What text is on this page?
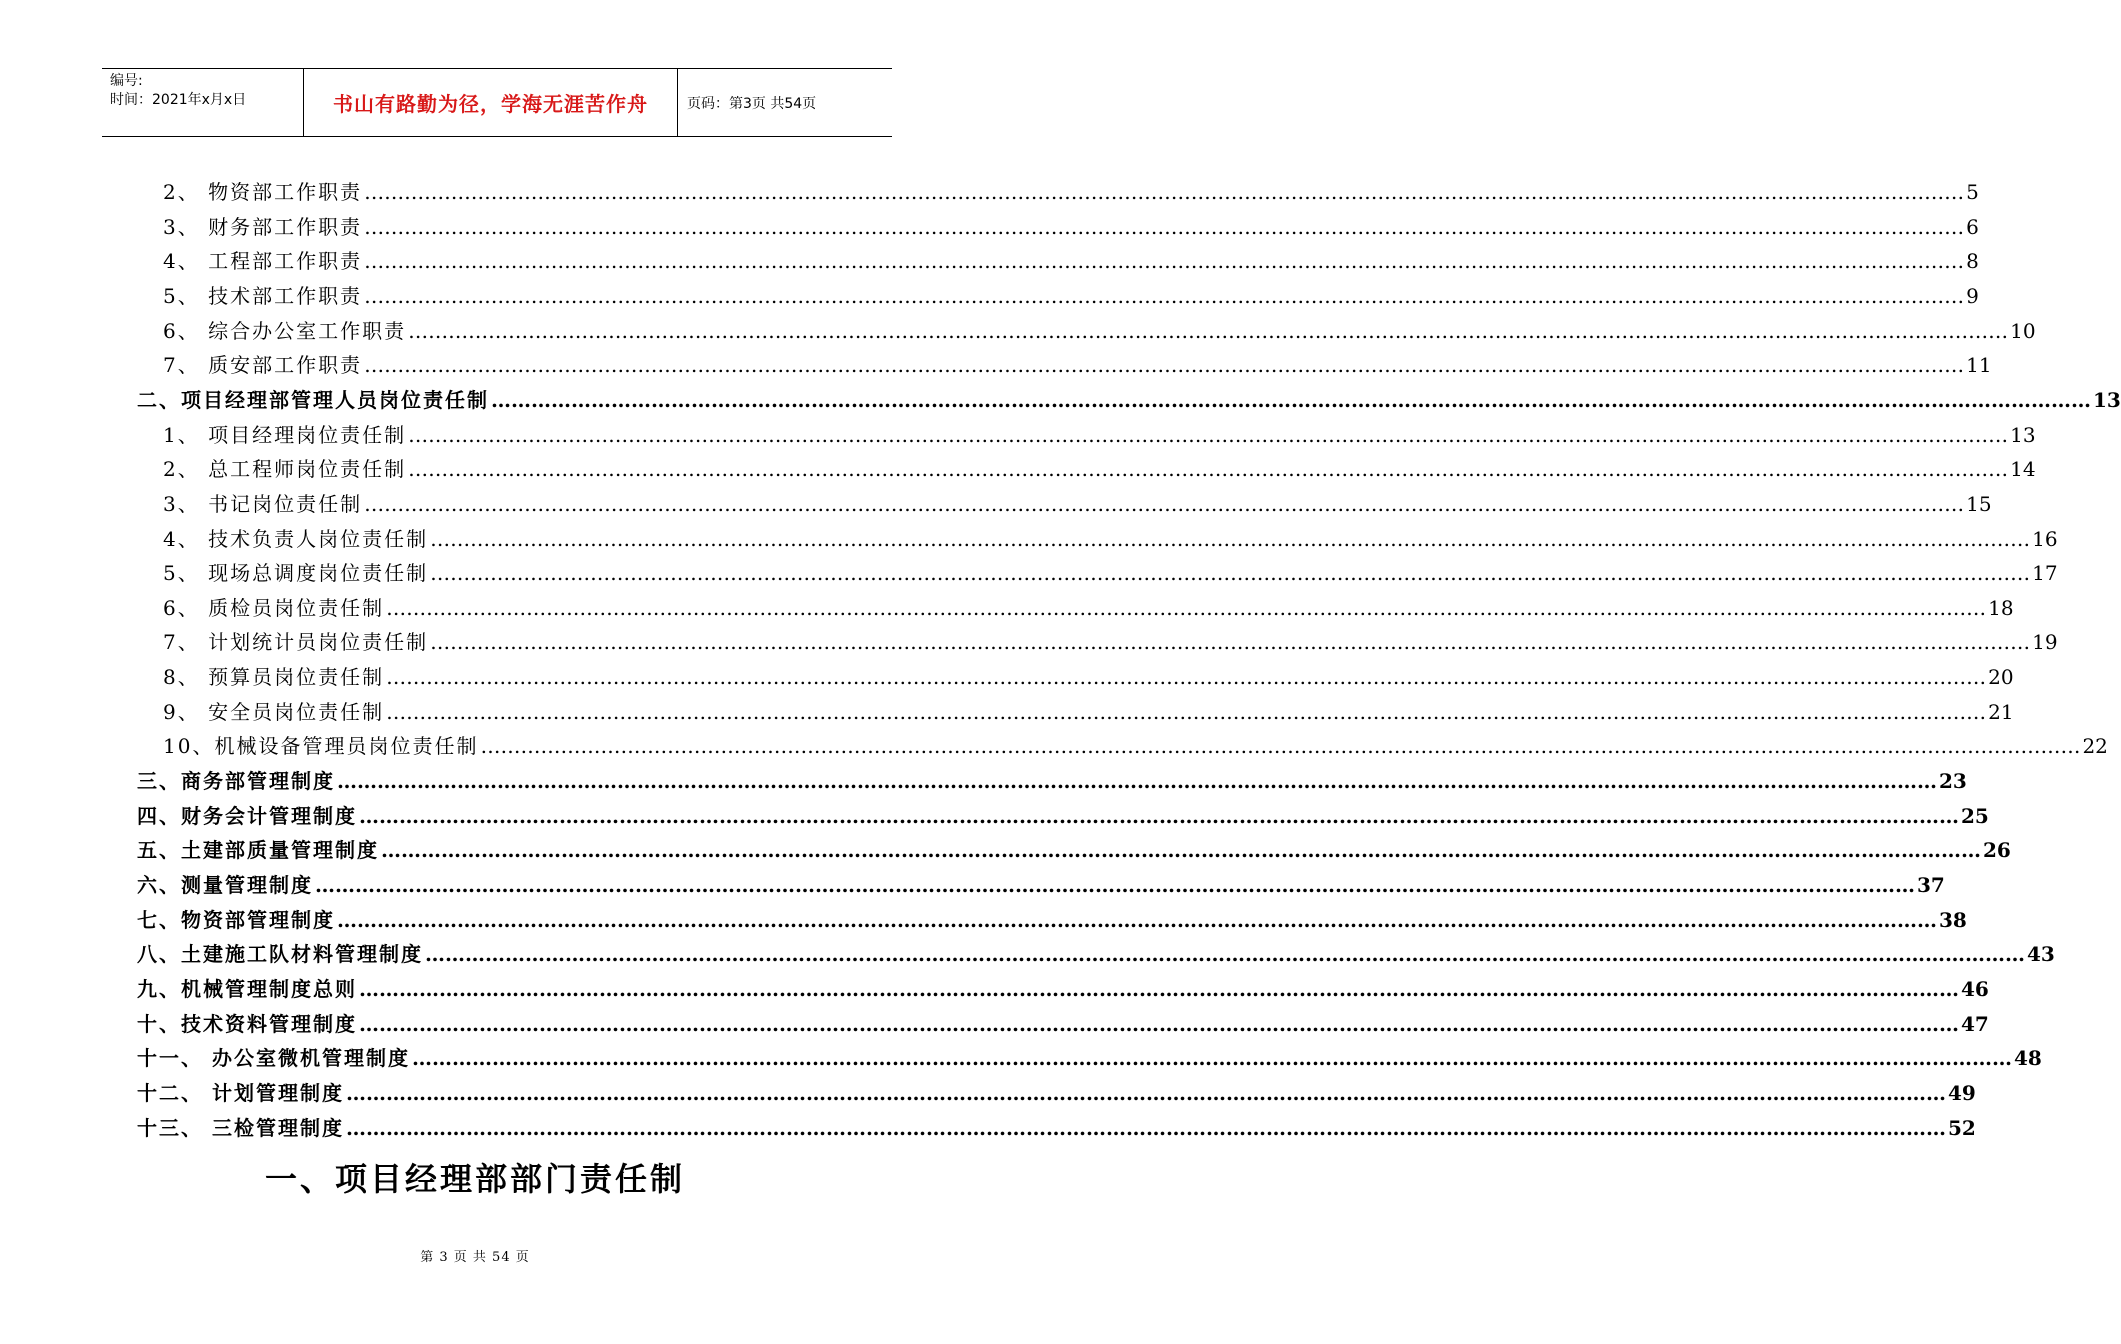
编号:
时间：2021年x月x日	书山有路勤为径，学海无涯苦作舟	页码：第3页 共54页
2、 物资部工作职责 …………………………………………………………………………………………………………………………………………………………………………………………………………………… 5
3、 财务部工作职责 …………………………………………………………………………………………………………………………………………………………………………………………………………………… 6
4、 工程部工作职责 …………………………………………………………………………………………………………………………………………………………………………………………………………………… 8
5、 技术部工作职责 …………………………………………………………………………………………………………………………………………………………………………………………………………………… 9
6、 综合办公室工作职责 …………………………………………………………………………………………………………………………………………………………………………………………………………………… 10
7、 质安部工作职责 …………………………………………………………………………………………………………………………………………………………………………………………………………………… 11
二、项目经理部管理人员岗位责任制 …………………………………………………………………………………………………………………………………………………………………………………………………………………… 13
1、 项目经理岗位责任制 …………………………………………………………………………………………………………………………………………………………………………………………………………………… 13
2、 总工程师岗位责任制 …………………………………………………………………………………………………………………………………………………………………………………………………………………… 14
3、 书记岗位责任制 …………………………………………………………………………………………………………………………………………………………………………………………………………………… 15
4、 技术负责人岗位责任制 …………………………………………………………………………………………………………………………………………………………………………………………………………………… 16
5、 现场总调度岗位责任制 …………………………………………………………………………………………………………………………………………………………………………………………………………………… 17
6、 质检员岗位责任制 …………………………………………………………………………………………………………………………………………………………………………………………………………………… 18
7、 计划统计员岗位责任制 …………………………………………………………………………………………………………………………………………………………………………………………………………………… 19
8、 预算员岗位责任制 …………………………………………………………………………………………………………………………………………………………………………………………………………………… 20
9、 安全员岗位责任制 …………………………………………………………………………………………………………………………………………………………………………………………………………………… 21
10、机械设备管理员岗位责任制 …………………………………………………………………………………………………………………………………………………………………………………………………………………… 22
三、商务部管理制度 …………………………………………………………………………………………………………………………………………………………………………………………………………………… 23
四、财务会计管理制度 …………………………………………………………………………………………………………………………………………………………………………………………………………………… 25
五、土建部质量管理制度 …………………………………………………………………………………………………………………………………………………………………………………………………………………… 26
六、测量管理制度 …………………………………………………………………………………………………………………………………………………………………………………………………………………… 37
七、物资部管理制度 …………………………………………………………………………………………………………………………………………………………………………………………………………………… 38
八、土建施工队材料管理制度 …………………………………………………………………………………………………………………………………………………………………………………………………………………… 43
九、机械管理制度总则 …………………………………………………………………………………………………………………………………………………………………………………………………………………… 46
十、技术资料管理制度 …………………………………………………………………………………………………………………………………………………………………………………………………………………… 47
十一、 办公室微机管理制度 …………………………………………………………………………………………………………………………………………………………………………………………………………………… 48
十二、 计划管理制度 …………………………………………………………………………………………………………………………………………………………………………………………………………………… 49
十三、 三检管理制度 …………………………………………………………………………………………………………………………………………………………………………………………………………………… 52
一、项目经理部部门责任制
第 3 页 共 54 页
